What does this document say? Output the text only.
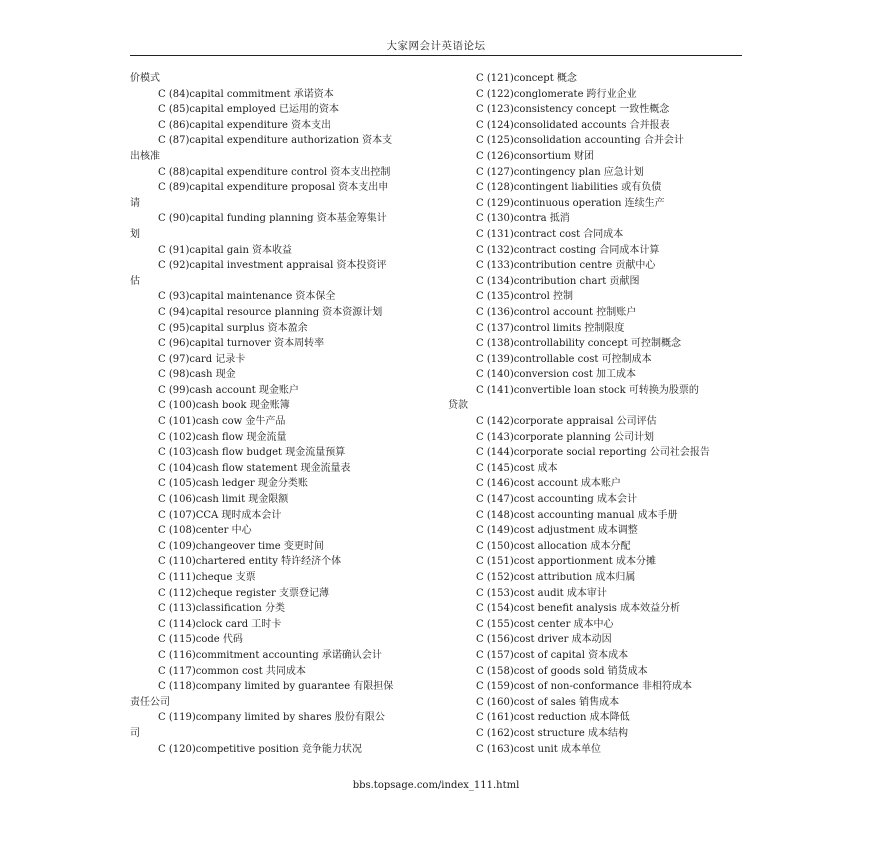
大家网会计英语论坛
价模式
C (84)capital commitment 承诺资本
C (85)capital employed 已运用的资本
C (86)capital expenditure 资本支出
C (87)capital expenditure authorization 资本支
出核准
C (88)capital expenditure control 资本支出控制
C (89)capital expenditure proposal 资本支出申
请
C (90)capital funding planning 资本基金筹集计
划
C (91)capital gain 资本收益
C (92)capital investment appraisal 资本投资评
估
C (93)capital maintenance 资本保全
C (94)capital resource planning 资本资源计划
C (95)capital surplus 资本盈余
C (96)capital turnover 资本周转率
C (97)card 记录卡
C (98)cash 现金
C (99)cash account 现金账户
C (100)cash book 现金账簿
C (101)cash cow 金牛产品
C (102)cash flow 现金流量
C (103)cash flow budget 现金流量预算
C (104)cash flow statement 现金流量表
C (105)cash ledger 现金分类账
C (106)cash limit 现金限额
C (107)CCA 现时成本会计
C (108)center 中心
C (109)changeover time 变更时间
C (110)chartered entity 特许经济个体
C (111)cheque 支票
C (112)cheque register 支票登记薄
C (113)classification 分类
C (114)clock card 工时卡
C (115)code 代码
C (116)commitment accounting 承诺确认会计
C (117)common cost 共同成本
C (118)company limited by guarantee 有限担保
责任公司
C (119)company limited by shares 股份有限公
司
C (120)competitive position 竞争能力状况
C (121)concept 概念
C (122)conglomerate 跨行业企业
C (123)consistency concept 一致性概念
C (124)consolidated accounts 合并报表
C (125)consolidation accounting 合并会计
C (126)consortium 财团
C (127)contingency plan 应急计划
C (128)contingent liabilities 或有负债
C (129)continuous operation 连续生产
C (130)contra 抵消
C (131)contract cost 合同成本
C (132)contract costing 合同成本计算
C (133)contribution centre 贡献中心
C (134)contribution chart 贡献图
C (135)control 控制
C (136)control account 控制账户
C (137)control limits 控制限度
C (138)controllability concept 可控制概念
C (139)controllable cost 可控制成本
C (140)conversion cost 加工成本
C (141)convertible loan stock 可转换为股票的
贷款
C (142)corporate appraisal 公司评估
C (143)corporate planning 公司计划
C (144)corporate social reporting 公司社会报告
C (145)cost 成本
C (146)cost account 成本账户
C (147)cost accounting 成本会计
C (148)cost accounting manual 成本手册
C (149)cost adjustment 成本调整
C (150)cost allocation 成本分配
C (151)cost apportionment 成本分摊
C (152)cost attribution 成本归属
C (153)cost audit 成本审计
C (154)cost benefit analysis 成本效益分析
C (155)cost center 成本中心
C (156)cost driver 成本动因
C (157)cost of capital 资本成本
C (158)cost of goods sold 销货成本
C (159)cost of non-conformance 非相符成本
C (160)cost of sales 销售成本
C (161)cost reduction 成本降低
C (162)cost structure 成本结构
C (163)cost unit 成本单位
bbs.topsage.com/index_111.html
